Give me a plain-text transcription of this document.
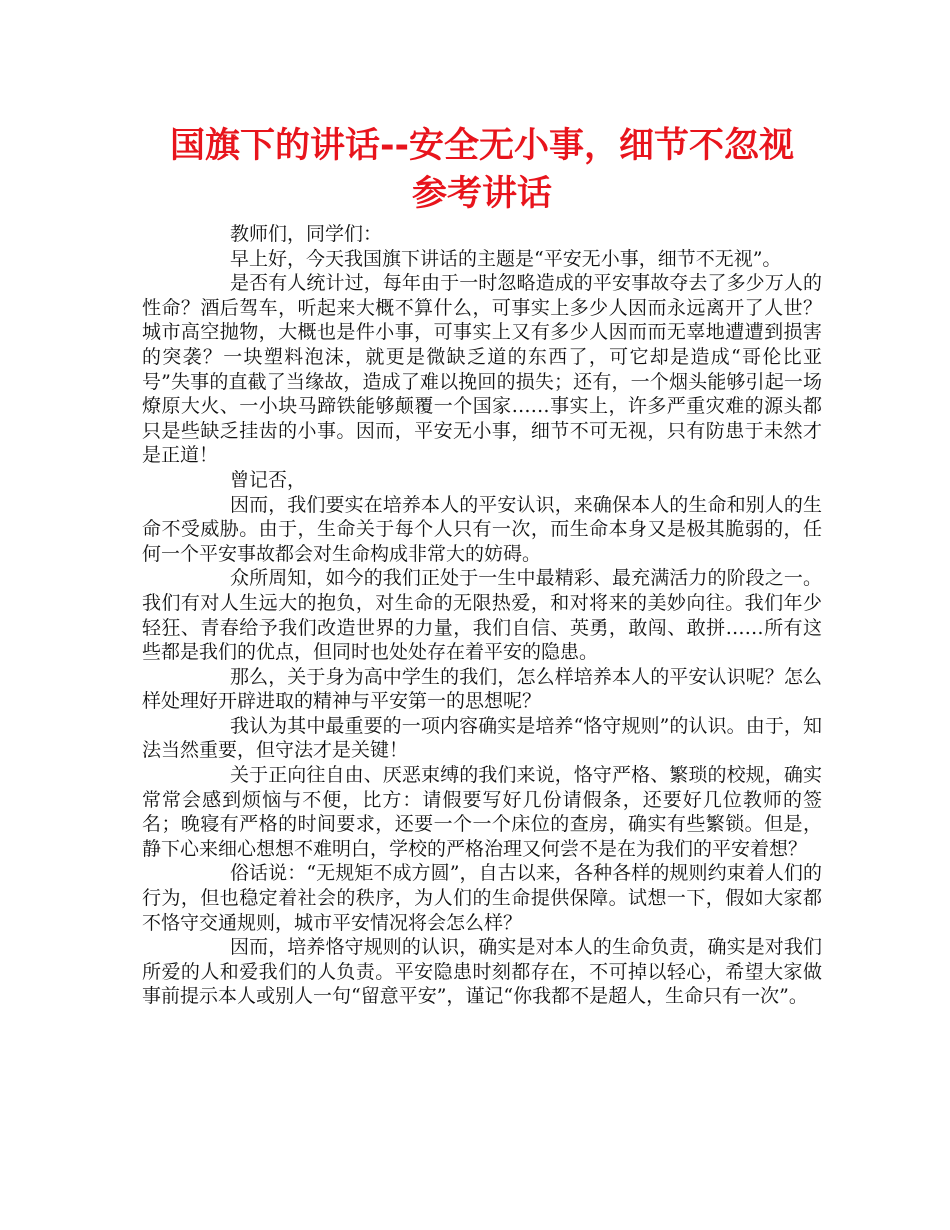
国旗下的讲话--安全无小事，细节不忽视
参考讲话

教师们，同学们：

早上好，今天我国旗下讲话的主题是“平安无小事，细节不无视”。

是否有人统计过，每年由于一时忽略造成的平安事故夺去了多少万人的性命？酒后驾车，听起来大概不算什么，可事实上多少人因而永远离开了人世？城市高空抛物，大概也是件小事，可事实上又有多少人因而而无辜地遭遭到损害的突袭？一块塑料泡沫，就更是微缺乏道的东西了，可它却是造成“哥伦比亚号”失事的直截了当缘故，造成了难以挽回的损失；还有，一个烟头能够引起一场燎原大火、一小块马蹄铁能够颠覆一个国家……事实上，许多严重灾难的源头都只是些缺乏挂齿的小事。因而，平安无小事，细节不可无视，只有防患于未然才是正道！

曾记否，

因而，我们要实在培养本人的平安认识，来确保本人的生命和别人的生命不受威胁。由于，生命关于每个人只有一次，而生命本身又是极其脆弱的，任何一个平安事故都会对生命构成非常大的妨碍。

众所周知，如今的我们正处于一生中最精彩、最充满活力的阶段之一。我们有对人生远大的抱负，对生命的无限热爱，和对将来的美妙向往。我们年少轻狂、青春给予我们改造世界的力量，我们自信、英勇，敢闯、敢拼……所有这些都是我们的优点，但同时也处处存在着平安的隐患。

那么，关于身为高中学生的我们，怎么样培养本人的平安认识呢？怎么样处理好开辟进取的精神与平安第一的思想呢？

我认为其中最重要的一项内容确实是培养“恪守规则”的认识。由于，知法当然重要，但守法才是关键！

关于正向往自由、厌恶束缚的我们来说，恪守严格、繁琐的校规，确实常常会感到烦恼与不便，比方：请假要写好几份请假条，还要好几位教师的签名；晚寝有严格的时间要求，还要一个一个床位的查房，确实有些繁锁。但是，静下心来细心想想不难明白，学校的严格治理又何尝不是在为我们的平安着想？

俗话说：“无规矩不成方圆”，自古以来，各种各样的规则约束着人们的行为，但也稳定着社会的秩序，为人们的生命提供保障。试想一下，假如大家都不恪守交通规则，城市平安情况将会怎么样？

因而，培养恪守规则的认识，确实是对本人的生命负责，确实是对我们所爱的人和爱我们的人负责。平安隐患时刻都存在，不可掉以轻心，希望大家做事前提示本人或别人一句“留意平安”，谨记“你我都不是超人，生命只有一次”。
